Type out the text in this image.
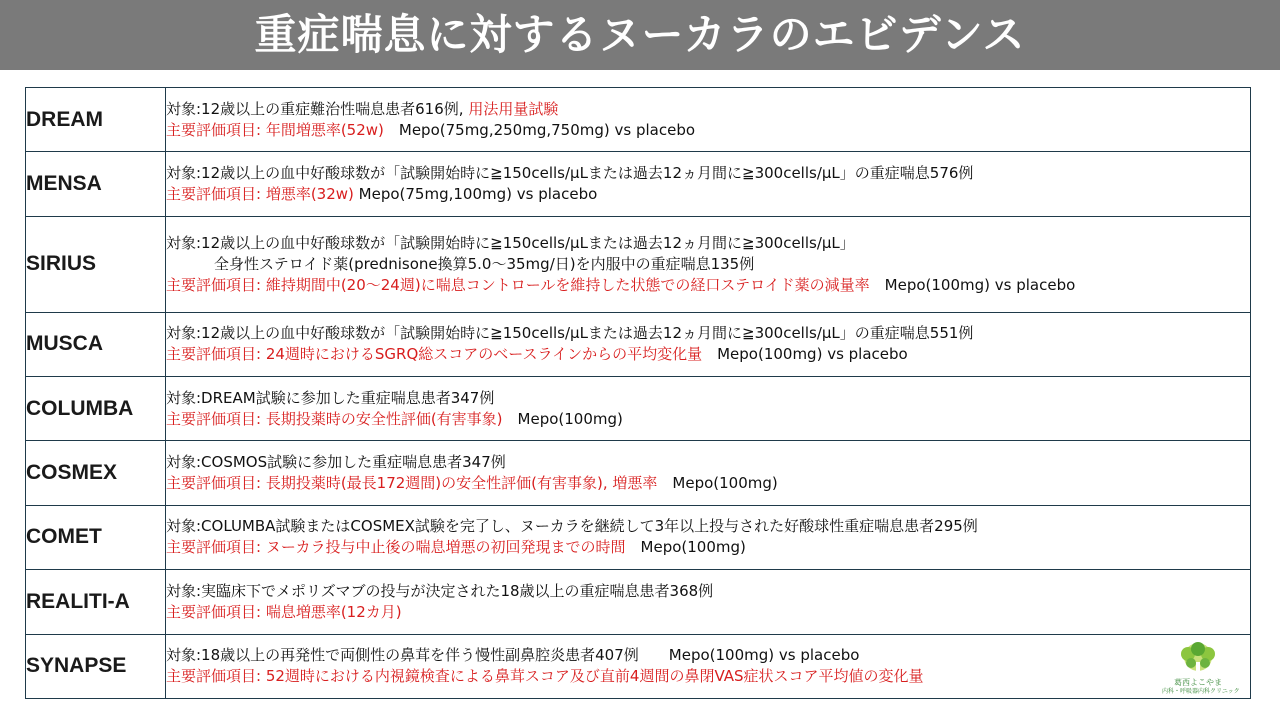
重症喘息に対するヌーカラのエビデンス
DREAM	対象:12歳以上の重症難治性喘息患者616例, 用法用量試験
主要評価項目: 年間増悪率(52w)　Mepo(75mg,250mg,750mg) vs placebo

MENSA	対象:12歳以上の血中好酸球数が「試験開始時に≧150cells/μLまたは過去12ヵ月間に≧300cells/μL」の重症喘息576例
主要評価項目: 増悪率(32w) Mepo(75mg,100mg) vs placebo

SIRIUS	対象:12歳以上の血中好酸球数が「試験開始時に≧150cells/μLまたは過去12ヵ月間に≧300cells/μL」
全身性ステロイド薬(prednisone換算5.0～35mg/日)を内服中の重症喘息135例
主要評価項目: 維持期間中(20～24週)に喘息コントロールを維持した状態での経口ステロイド薬の減量率　Mepo(100mg) vs placebo

MUSCA	対象:12歳以上の血中好酸球数が「試験開始時に≧150cells/μLまたは過去12ヵ月間に≧300cells/μL」の重症喘息551例
主要評価項目: 24週時におけるSGRQ総スコアのベースラインからの平均変化量　Mepo(100mg) vs placebo

COLUMBA	対象:DREAM試験に参加した重症喘息患者347例
主要評価項目: 長期投薬時の安全性評価(有害事象)　Mepo(100mg)

COSMEX	対象:COSMOS試験に参加した重症喘息患者347例
主要評価項目: 長期投薬時(最長172週間)の安全性評価(有害事象), 増悪率　Mepo(100mg)

COMET	対象:COLUMBA試験またはCOSMEX試験を完了し、ヌーカラを継続して3年以上投与された好酸球性重症喘息患者295例
主要評価項目: ヌーカラ投与中止後の喘息増悪の初回発現までの時間　Mepo(100mg)

REALITI-A	対象:実臨床下でメポリズマブの投与が決定された18歳以上の重症喘息患者368例
主要評価項目: 喘息増悪率(12カ月)

SYNAPSE	対象:18歳以上の再発性で両側性の鼻茸を伴う慢性副鼻腔炎患者407例　　Mepo(100mg) vs placebo
主要評価項目: 52週時における内視鏡検査による鼻茸スコア及び直前4週間の鼻閉VAS症状スコア平均値の変化量	葛西よこやま
内科・呼吸器内科クリニック
